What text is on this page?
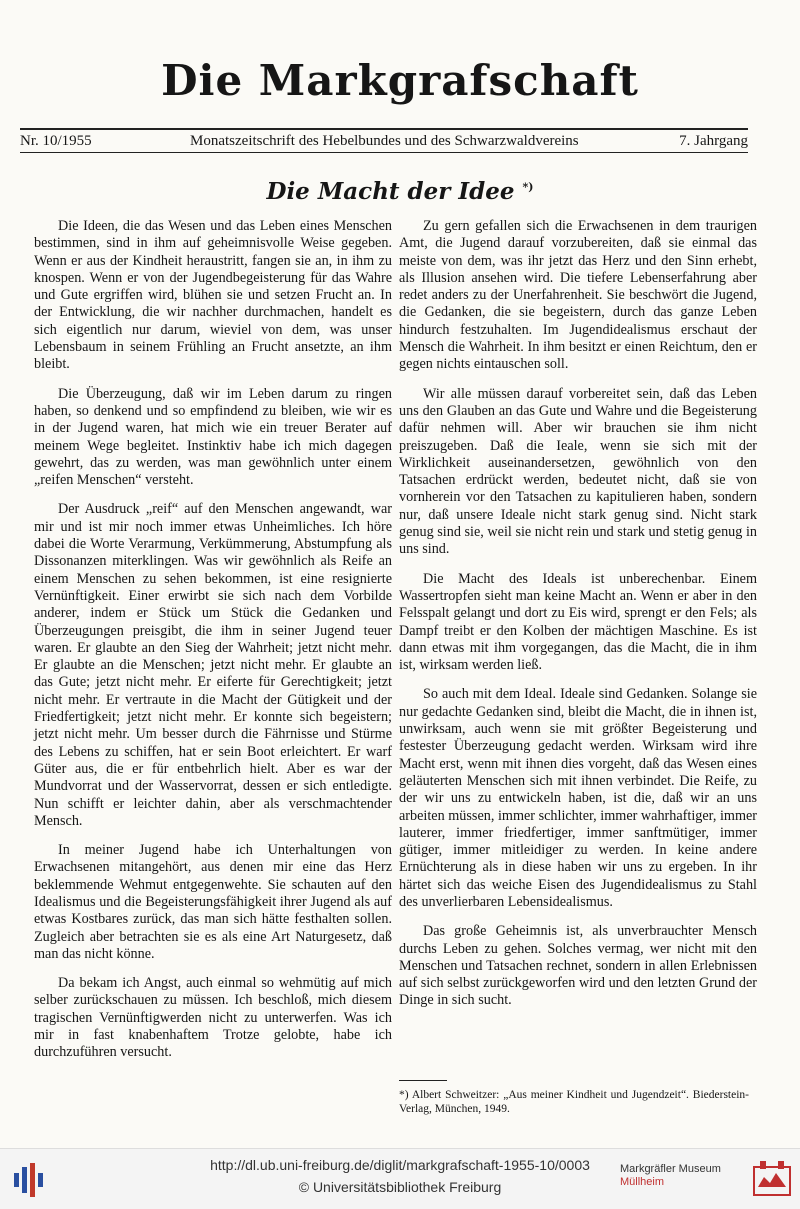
Die Markgrafschaft
Nr. 10/1955	Monatszeitschrift des Hebelbundes und des Schwarzwaldvereins	7. Jahrgang
Die Macht der Idee *)

Die Ideen, die das Wesen und das Leben eines Menschen bestimmen, sind in ihm auf geheimnisvolle Weise gegeben. Wenn er aus der Kindheit heraustritt, fangen sie an, in ihm zu knospen. Wenn er von der Jugendbegeisterung für das Wahre und Gute ergriffen wird, blühen sie und setzen Frucht an. In der Entwicklung, die wir nachher durchmachen, handelt es sich eigentlich nur darum, wieviel von dem, was unser Lebensbaum in seinem Frühling an Frucht ansetzte, an ihm bleibt.

Die Überzeugung, daß wir im Leben darum zu ringen haben, so denkend und so empfindend zu bleiben, wie wir es in der Jugend waren, hat mich wie ein treuer Berater auf meinem Wege begleitet. Instinktiv habe ich mich dagegen gewehrt, das zu werden, was man gewöhnlich unter einem „reifen Menschen“ versteht.

Der Ausdruck „reif“ auf den Menschen angewandt, war mir und ist mir noch immer etwas Unheimliches. Ich höre dabei die Worte Verarmung, Verkümmerung, Abstumpfung als Dissonanzen miterklingen. Was wir gewöhnlich als Reife an einem Menschen zu sehen bekommen, ist eine resignierte Vernünftigkeit. Einer erwirbt sie sich nach dem Vorbilde anderer, indem er Stück um Stück die Gedanken und Überzeugungen preisgibt, die ihm in seiner Jugend teuer waren. Er glaubte an den Sieg der Wahrheit; jetzt nicht mehr. Er glaubte an die Menschen; jetzt nicht mehr. Er glaubte an das Gute; jetzt nicht mehr. Er eiferte für Gerechtigkeit; jetzt nicht mehr. Er vertraute in die Macht der Gütigkeit und der Friedfertigkeit; jetzt nicht mehr. Er konnte sich begeistern; jetzt nicht mehr. Um besser durch die Fährnisse und Stürme des Lebens zu schiffen, hat er sein Boot erleichtert. Er warf Güter aus, die er für entbehrlich hielt. Aber es war der Mundvorrat und der Wasservorrat, dessen er sich entledigte. Nun schifft er leichter dahin, aber als verschmachtender Mensch.

In meiner Jugend habe ich Unterhaltungen von Erwachsenen mitangehört, aus denen mir eine das Herz beklemmende Wehmut entgegenwehte. Sie schauten auf den Idealismus und die Begeisterungsfähigkeit ihrer Jugend als auf etwas Kostbares zurück, das man sich hätte festhalten sollen. Zugleich aber betrachten sie es als eine Art Naturgesetz, daß man das nicht könne.

Da bekam ich Angst, auch einmal so wehmütig auf mich selber zurückschauen zu müssen. Ich beschloß, mich diesem tragischen Vernünftigwerden nicht zu unterwerfen. Was ich mir in fast knabenhaftem Trotze gelobte, habe ich durchzuführen versucht.

Zu gern gefallen sich die Erwachsenen in dem traurigen Amt, die Jugend darauf vorzubereiten, daß sie einmal das meiste von dem, was ihr jetzt das Herz und den Sinn erhebt, als Illusion ansehen wird. Die tiefere Lebenserfahrung aber redet anders zu der Unerfahrenheit. Sie beschwört die Jugend, die Gedanken, die sie begeistern, durch das ganze Leben hindurch festzuhalten. Im Jugendidealismus erschaut der Mensch die Wahrheit. In ihm besitzt er einen Reichtum, den er gegen nichts eintauschen soll.

Wir alle müssen darauf vorbereitet sein, daß das Leben uns den Glauben an das Gute und Wahre und die Begeisterung dafür nehmen will. Aber wir brauchen sie ihm nicht preiszugeben. Daß die Ieale, wenn sie sich mit der Wirklichkeit auseinandersetzen, gewöhnlich von den Tatsachen erdrückt werden, bedeutet nicht, daß sie von vornherein vor den Tatsachen zu kapitulieren haben, sondern nur, daß unsere Ideale nicht stark genug sind. Nicht stark genug sind sie, weil sie nicht rein und stark und stetig genug in uns sind.

Die Macht des Ideals ist unberechenbar. Einem Wassertropfen sieht man keine Macht an. Wenn er aber in den Felsspalt gelangt und dort zu Eis wird, sprengt er den Fels; als Dampf treibt er den Kolben der mächtigen Maschine. Es ist dann etwas mit ihm vorgegangen, das die Macht, die in ihm ist, wirksam werden ließ.

So auch mit dem Ideal. Ideale sind Gedanken. Solange sie nur gedachte Gedanken sind, bleibt die Macht, die in ihnen ist, unwirksam, auch wenn sie mit größter Begeisterung und festester Überzeugung gedacht werden. Wirksam wird ihre Macht erst, wenn mit ihnen dies vorgeht, daß das Wesen eines geläuterten Menschen sich mit ihnen verbindet. Die Reife, zu der wir uns zu entwickeln haben, ist die, daß wir an uns arbeiten müssen, immer schlichter, immer wahrhaftiger, immer lauterer, immer friedfertiger, immer sanftmütiger, immer gütiger, immer mitleidiger zu werden. In keine andere Ernüchterung als in diese haben wir uns zu ergeben. In ihr härtet sich das weiche Eisen des Jugendidealismus zu Stahl des unverlierbaren Lebensidealismus.

Das große Geheimnis ist, als unverbrauchter Mensch durchs Leben zu gehen. Solches vermag, wer nicht mit den Menschen und Tatsachen rechnet, sondern in allen Erlebnissen auf sich selbst zurückgeworfen wird und den letzten Grund der Dinge in sich sucht.

*) Albert Schweitzer: „Aus meiner Kindheit und Jugendzeit“. Biederstein-Verlag, München, 1949.
http://dl.ub.uni-freiburg.de/diglit/markgrafschaft-1955-10/0003
© Universitätsbibliothek Freiburg
Markgräfler Museum
Müllheim
